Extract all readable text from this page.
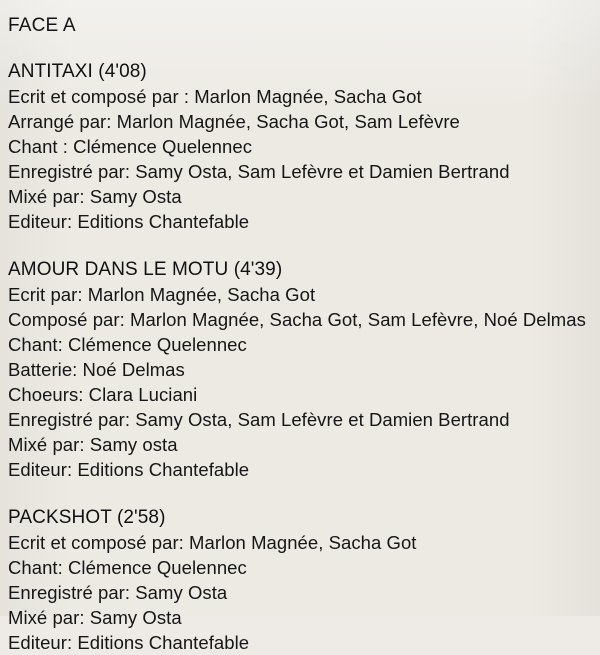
FACE A
ANTITAXI (4'08)
Ecrit et composé par : Marlon Magnée, Sacha Got
Arrangé par: Marlon Magnée, Sacha Got, Sam Lefèvre
Chant : Clémence Quelennec
Enregistré par: Samy Osta, Sam Lefèvre et Damien Bertrand
Mixé par: Samy Osta
Editeur: Editions Chantefable
AMOUR DANS LE MOTU (4'39)
Ecrit par: Marlon Magnée, Sacha Got
Composé par: Marlon Magnée, Sacha Got, Sam Lefèvre, Noé Delmas
Chant: Clémence Quelennec
Batterie: Noé Delmas
Choeurs: Clara Luciani
Enregistré par: Samy Osta, Sam Lefèvre et Damien Bertrand
Mixé par: Samy osta
Editeur: Editions Chantefable
PACKSHOT (2'58)
Ecrit et composé par: Marlon Magnée, Sacha Got
Chant: Clémence Quelennec
Enregistré par: Samy Osta
Mixé par: Samy Osta
Editeur: Editions Chantefable
